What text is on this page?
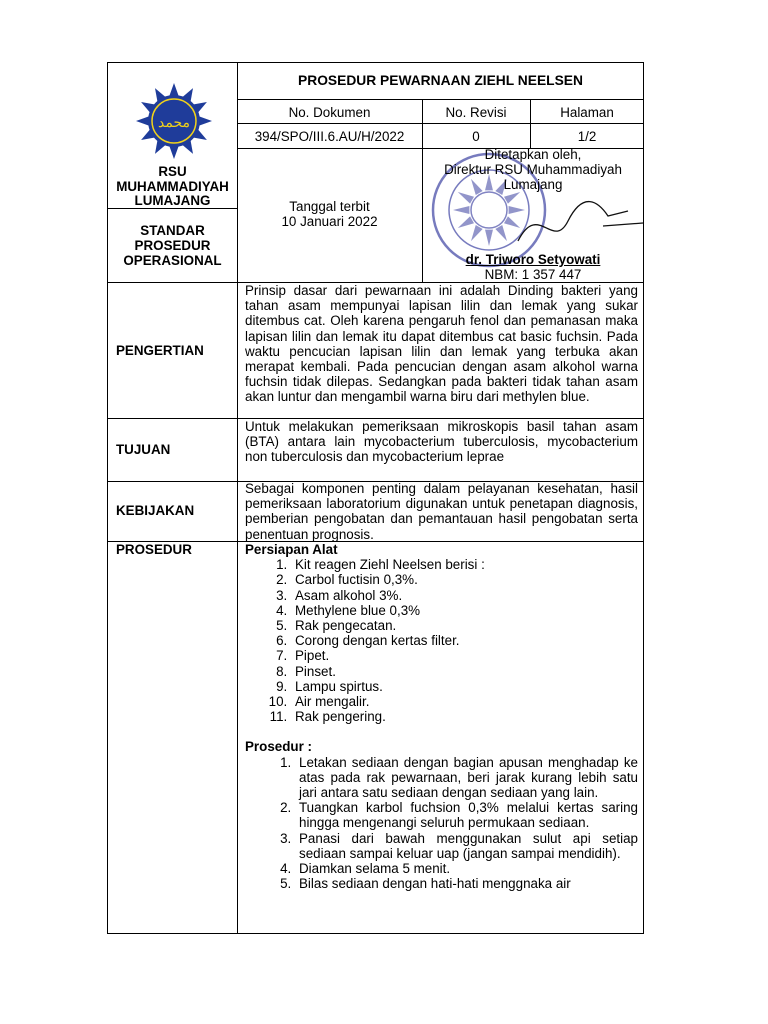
محمد
RSU MUHAMMADIYAH LUMAJANG
STANDAR PROSEDUR OPERASIONAL
PROSEDUR PEWARNAAN ZIEHL NEELSEN
No. Dokumen	No. Revisi	Halaman
394/SPO/III.6.AU/H/2022	0	1/2
Tanggal terbit
10 Januari 2022
Ditetapkan oleh,
Direktur RSU Muhammadiyah
Lumajang
dr. Triworo Setyowati
NBM: 1 357 447
PENGERTIAN
Prinsip dasar dari pewarnaan ini adalah Dinding bakteri yang tahan asam mempunyai lapisan lilin dan lemak yang sukar ditembus cat. Oleh karena pengaruh fenol dan pemanasan maka lapisan lilin dan lemak itu dapat ditembus cat basic fuchsin. Pada waktu pencucian lapisan lilin dan lemak yang terbuka akan merapat kembali. Pada pencucian dengan asam alkohol warna fuchsin tidak dilepas. Sedangkan pada bakteri tidak tahan asam akan luntur dan mengambil warna biru dari methylen blue.
TUJUAN
Untuk melakukan pemeriksaan mikroskopis basil tahan asam (BTA) antara lain mycobacterium tuberculosis, mycobacterium non tuberculosis dan mycobacterium leprae
KEBIJAKAN
Sebagai komponen penting dalam pelayanan kesehatan, hasil pemeriksaan laboratorium digunakan untuk penetapan diagnosis, pemberian pengobatan dan pemantauan hasil pengobatan serta penentuan prognosis.
PROSEDUR	Persiapan Alat
1. Kit reagen Ziehl Neelsen berisi :
2. Carbol fuctisin 0,3%.
3. Asam alkohol 3%.
4. Methylene blue 0,3%
5. Rak pengecatan.
6. Corong dengan kertas filter.
7. Pipet.
8. Pinset.
9. Lampu spirtus.
10. Air mengalir.
11. Rak pengering.
Prosedur :
1. Letakan sediaan dengan bagian apusan menghadap ke atas pada rak pewarnaan, beri jarak kurang lebih satu jari antara satu sediaan dengan sediaan yang lain.
2. Tuangkan karbol fuchsion 0,3% melalui kertas saring hingga mengenangi seluruh permukaan sediaan.
3. Panasi dari bawah menggunakan sulut api setiap sediaan sampai keluar uap (jangan sampai mendidih).
4. Diamkan selama 5 menit.
5. Bilas sediaan dengan hati-hati menggnaka air
